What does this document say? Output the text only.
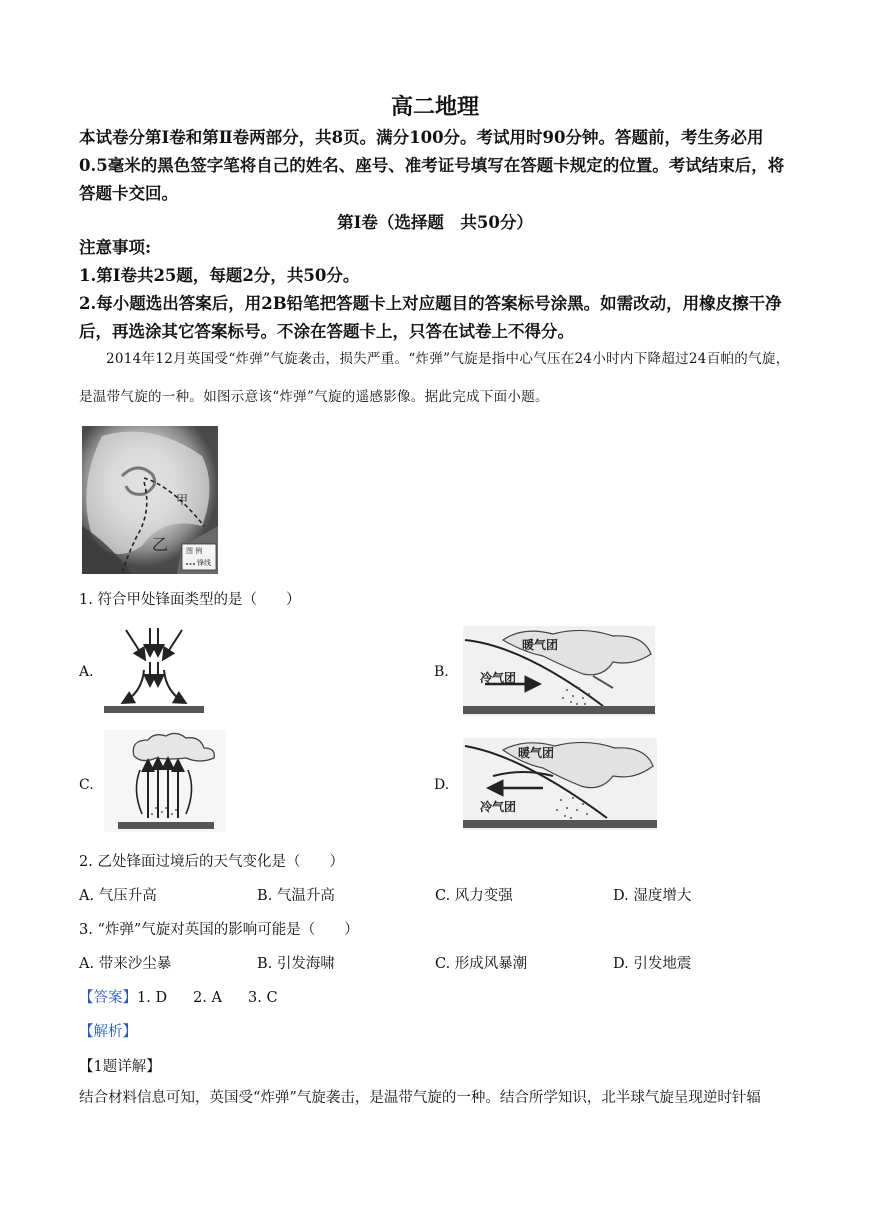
高二地理
本试卷分第Ⅰ卷和第Ⅱ卷两部分，共8页。满分100分。考试用时90分钟。答题前，考生务必用0.5毫米的黑色签字笔将自己的姓名、座号、准考证号填写在答题卡规定的位置。考试结束后，将答题卡交回。
第Ⅰ卷（选择题　共50分）
注意事项:
1.第Ⅰ卷共25题，每题2分，共50分。
2.每小题选出答案后，用2B铅笔把答题卡上对应题目的答案标号涂黑。如需改动，用橡皮擦干净后，再选涂其它答案标号。不涂在答题卡上，只答在试卷上不得分。
2014年12月英国受“炸弹”气旋袭击，损失严重。“炸弹”气旋是指中心气压在24小时内下降超过24百帕的气旋，是温带气旋的一种。如图示意该“炸弹”气旋的遥感影像。据此完成下面小题。
甲
乙	图 例
锋线
1. 符合甲处锋面类型的是（　　）
A.	B.
暖气团
冷气团
C.	D.
暖气团
冷气团
2. 乙处锋面过境后的天气变化是（　　）
A. 气压升高	B. 气温升高	C. 风力变强	D. 湿度增大
3. “炸弹”气旋对英国的影响可能是（　　）
A. 带来沙尘暴	B. 引发海啸	C. 形成风暴潮	D. 引发地震
【答案】1. D 2. A 3. C
【解析】
【1题详解】
结合材料信息可知，英国受“炸弹”气旋袭击，是温带气旋的一种。结合所学知识，北半球气旋呈现逆时针辐
